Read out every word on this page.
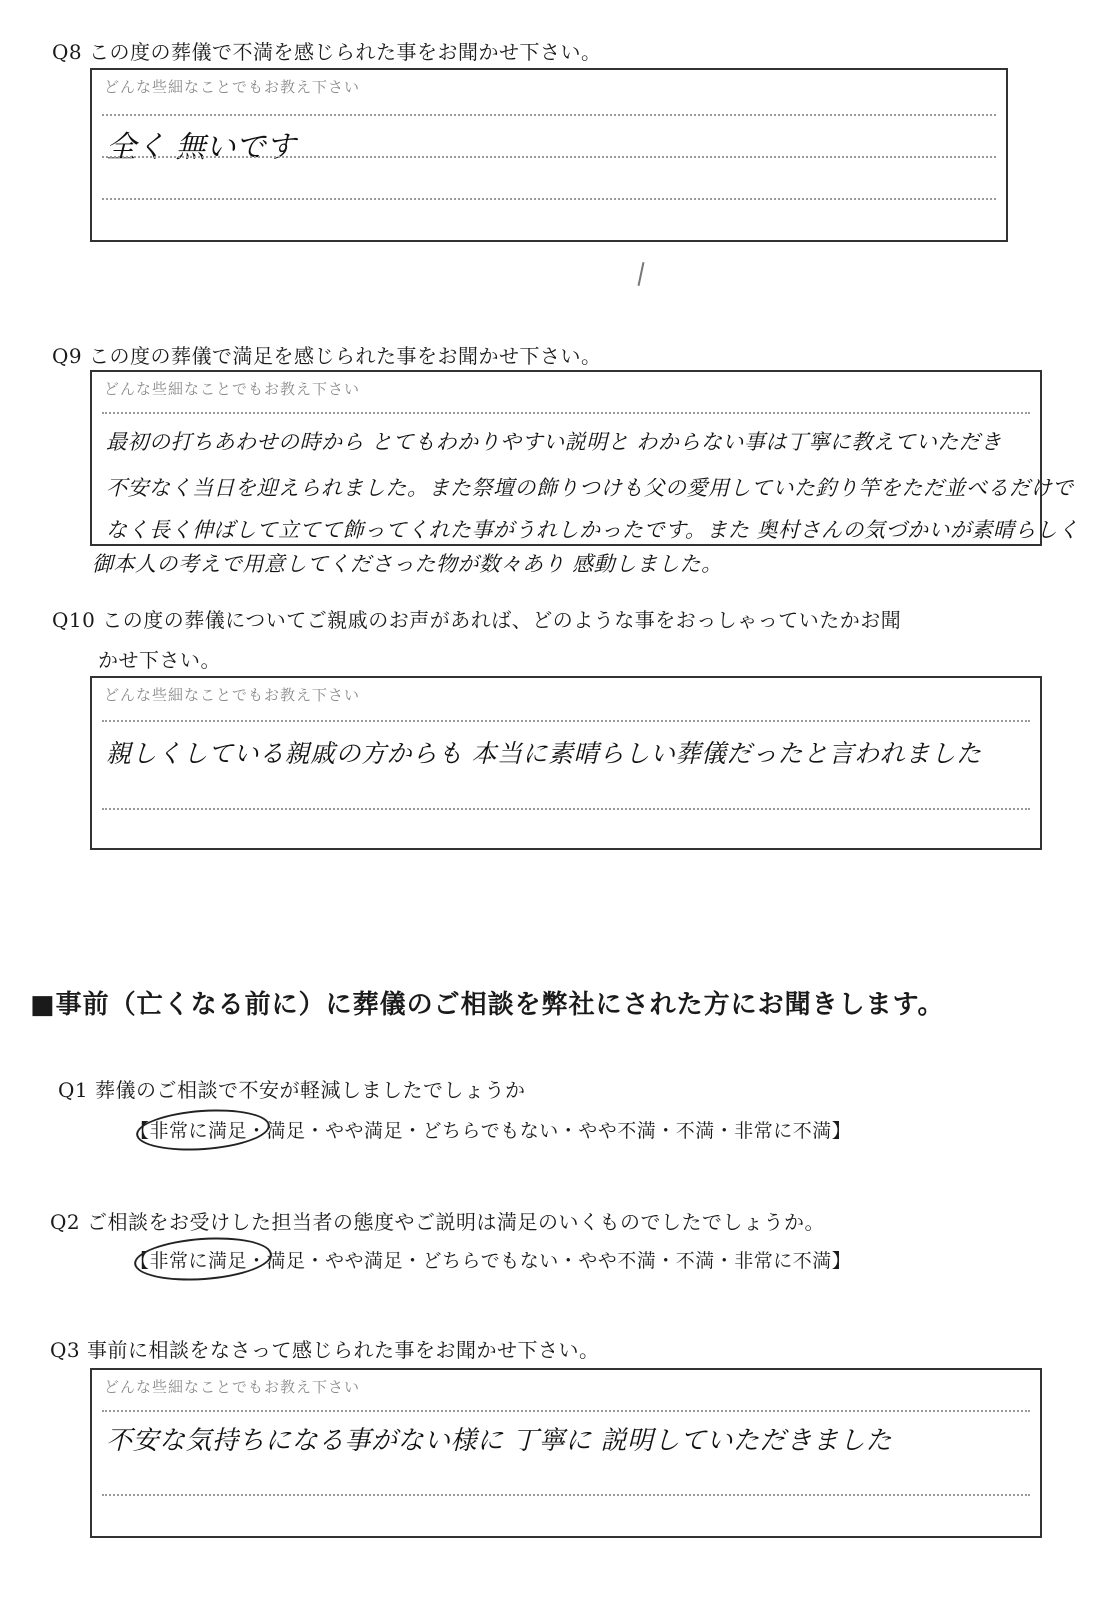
Q8 この度の葬儀で不満を感じられた事をお聞かせ下さい。
どんな些細なことでもお教え下さい
全く 無いです
Q9 この度の葬儀で満足を感じられた事をお聞かせ下さい。
どんな些細なことでもお教え下さい
最初の打ちあわせの時から とてもわかりやすい説明と わからない事は丁寧に教えていただき
不安なく当日を迎えられました。また祭壇の飾りつけも父の愛用していた釣り竿をただ並べるだけで
なく長く伸ばして立てて飾ってくれた事がうれしかったです。また 奥村さんの気づかいが素晴らしく
御本人の考えで用意してくださった物が数々あり 感動しました。
Q10 この度の葬儀についてご親戚のお声があれば、どのような事をおっしゃっていたかお聞
かせ下さい。
どんな些細なことでもお教え下さい
親しくしている親戚の方からも 本当に素晴らしい葬儀だったと言われました
■事前（亡くなる前に）に葬儀のご相談を弊社にされた方にお聞きします。
Q1 葬儀のご相談で不安が軽減しましたでしょうか
【非常に満足・満足・やや満足・どちらでもない・やや不満・不満・非常に不満】
Q2 ご相談をお受けした担当者の態度やご説明は満足のいくものでしたでしょうか。
【非常に満足・満足・やや満足・どちらでもない・やや不満・不満・非常に不満】
Q3 事前に相談をなさって感じられた事をお聞かせ下さい。
どんな些細なことでもお教え下さい
不安な気持ちになる事がない様に 丁寧に 説明していただきました
